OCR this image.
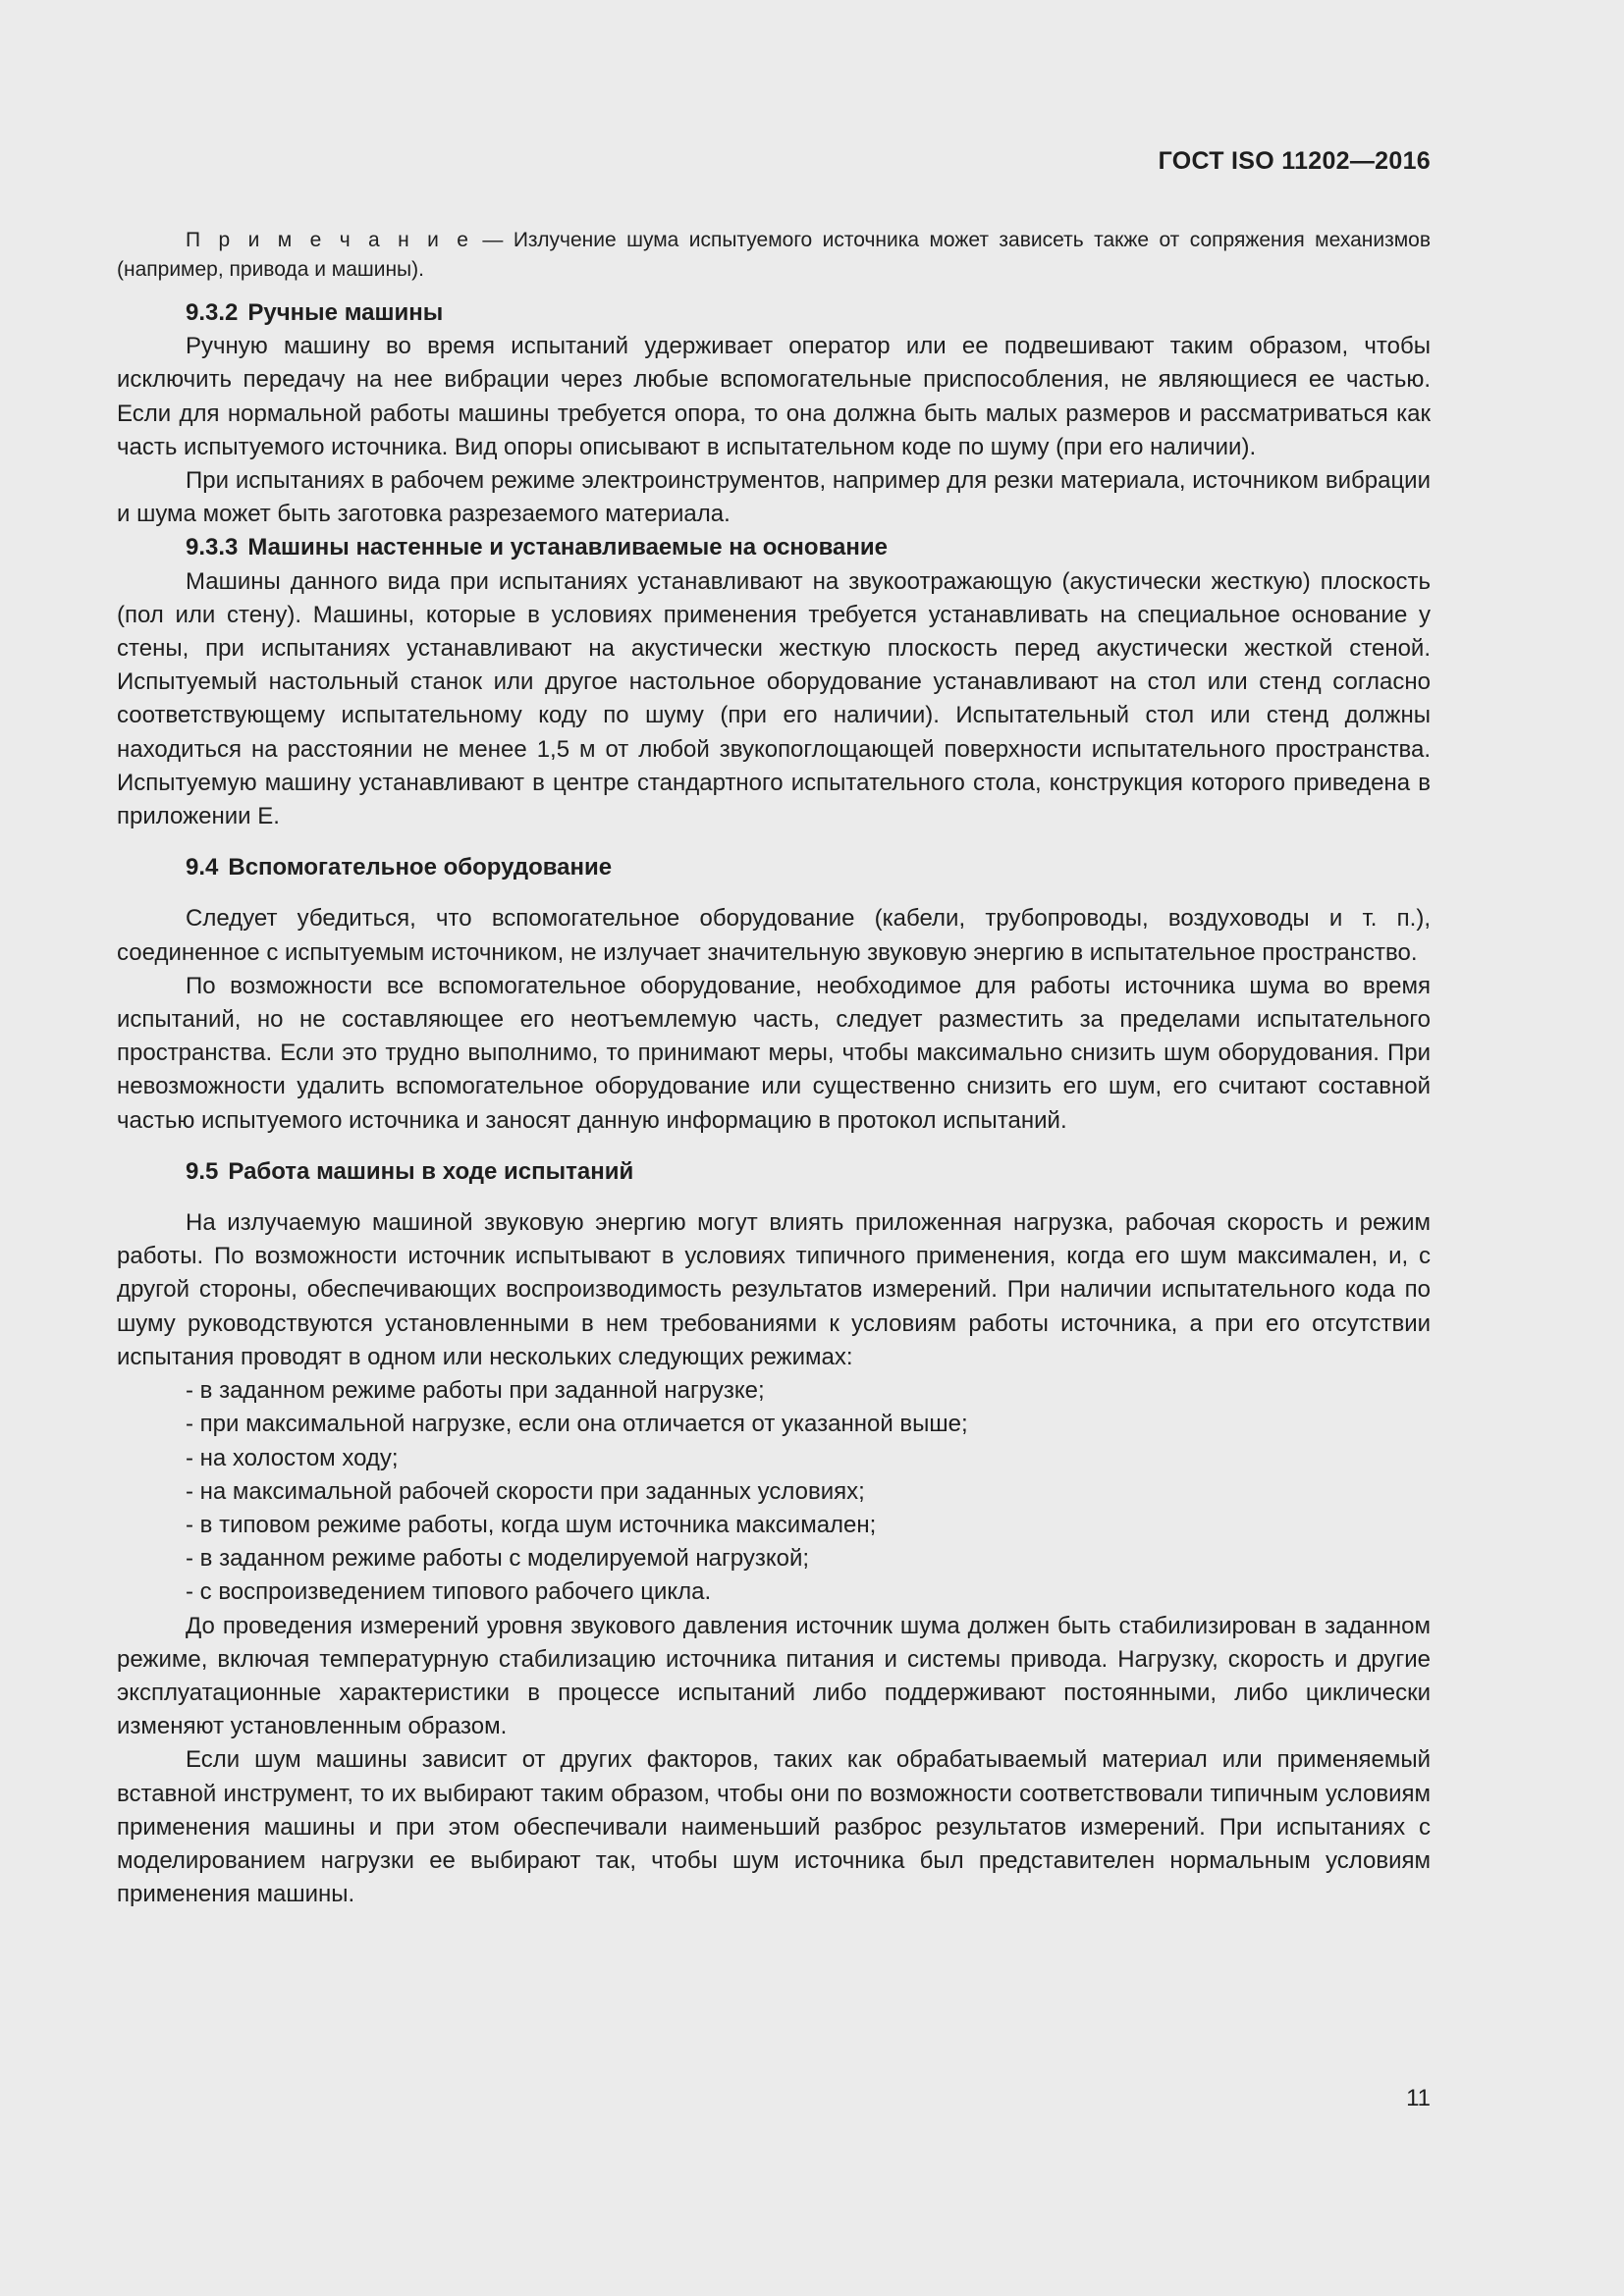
ГОСТ ISO 11202—2016
П р и м е ч а н и е — Излучение шума испытуемого источника может зависеть также от сопряжения механизмов (например, привода и машины).
9.3.2 Ручные машины

Ручную машину во время испытаний удерживает оператор или ее подвешивают таким образом, чтобы исключить передачу на нее вибрации через любые вспомогательные приспособления, не являющиеся ее частью. Если для нормальной работы машины требуется опора, то она должна быть малых размеров и рассматриваться как часть испытуемого источника. Вид опоры описывают в испытательном коде по шуму (при его наличии).

При испытаниях в рабочем режиме электроинструментов, например для резки материала, источником вибрации и шума может быть заготовка разрезаемого материала.

9.3.3 Машины настенные и устанавливаемые на основание

Машины данного вида при испытаниях устанавливают на звукоотражающую (акустически жесткую) плоскость (пол или стену). Машины, которые в условиях применения требуется устанавливать на специальное основание у стены, при испытаниях устанавливают на акустически жесткую плоскость перед акустически жесткой стеной. Испытуемый настольный станок или другое настольное оборудование устанавливают на стол или стенд согласно соответствующему испытательному коду по шуму (при его наличии). Испытательный стол или стенд должны находиться на расстоянии не менее 1,5 м от любой звукопоглощающей поверхности испытательного пространства. Испытуемую машину устанавливают в центре стандартного испытательного стола, конструкция которого приведена в приложении Е.

9.4 Вспомогательное оборудование

Следует убедиться, что вспомогательное оборудование (кабели, трубопроводы, воздуховоды и т. п.), соединенное с испытуемым источником, не излучает значительную звуковую энергию в испытательное пространство.

По возможности все вспомогательное оборудование, необходимое для работы источника шума во время испытаний, но не составляющее его неотъемлемую часть, следует разместить за пределами испытательного пространства. Если это трудно выполнимо, то принимают меры, чтобы максимально снизить шум оборудования. При невозможности удалить вспомогательное оборудование или существенно снизить его шум, его считают составной частью испытуемого источника и заносят данную информацию в протокол испытаний.

9.5 Работа машины в ходе испытаний

На излучаемую машиной звуковую энергию могут влиять приложенная нагрузка, рабочая скорость и режим работы. По возможности источник испытывают в условиях типичного применения, когда его шум максимален, и, с другой стороны, обеспечивающих воспроизводимость результатов измерений. При наличии испытательного кода по шуму руководствуются установленными в нем требованиями к условиям работы источника, а при его отсутствии испытания проводят в одном или нескольких следующих режимах:

- в заданном режиме работы при заданной нагрузке;
- при максимальной нагрузке, если она отличается от указанной выше;
- на холостом ходу;
- на максимальной рабочей скорости при заданных условиях;
- в типовом режиме работы, когда шум источника максимален;
- в заданном режиме работы с моделируемой нагрузкой;
- с воспроизведением типового рабочего цикла.

До проведения измерений уровня звукового давления источник шума должен быть стабилизирован в заданном режиме, включая температурную стабилизацию источника питания и системы привода. Нагрузку, скорость и другие эксплуатационные характеристики в процессе испытаний либо поддерживают постоянными, либо циклически изменяют установленным образом.

Если шум машины зависит от других факторов, таких как обрабатываемый материал или применяемый вставной инструмент, то их выбирают таким образом, чтобы они по возможности соответствовали типичным условиям применения машины и при этом обеспечивали наименьший разброс результатов измерений. При испытаниях с моделированием нагрузки ее выбирают так, чтобы шум источника был представителен нормальным условиям применения машины.

11
